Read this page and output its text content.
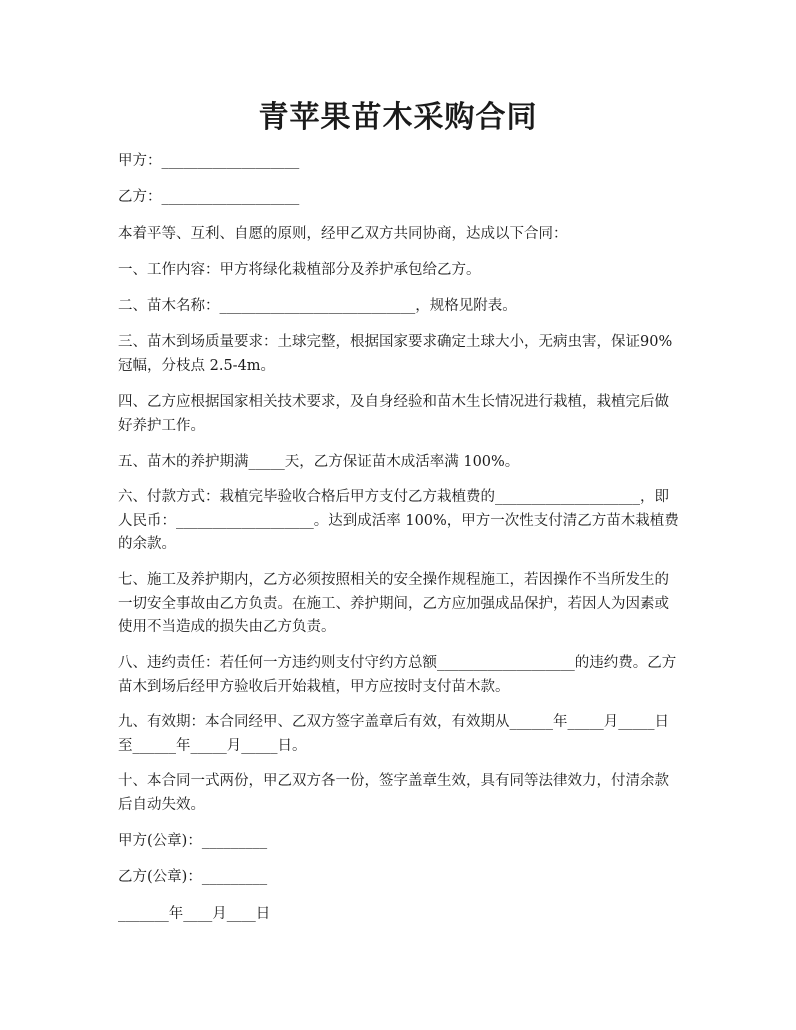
青苹果苗木采购合同

甲方：___________________

乙方：___________________

本着平等、互利、自愿的原则，经甲乙双方共同协商，达成以下合同：

一、工作内容：甲方将绿化栽植部分及养护承包给乙方。

二、苗木名称：___________________________，规格见附表。

三、苗木到场质量要求：土球完整，根据国家要求确定土球大小，无病虫害，保证90%冠幅，分枝点 2.5-4m。

四、乙方应根据国家相关技术要求，及自身经验和苗木生长情况进行栽植，栽植完后做好养护工作。

五、苗木的养护期满_____天，乙方保证苗木成活率满 100%。

六、付款方式：栽植完毕验收合格后甲方支付乙方栽植费的____________________，即人民币：___________________。达到成活率 100%，甲方一次性支付清乙方苗木栽植费的余款。

七、施工及养护期内，乙方必须按照相关的安全操作规程施工，若因操作不当所发生的一切安全事故由乙方负责。在施工、养护期间，乙方应加强成品保护，若因人为因素或使用不当造成的损失由乙方负责。

八、违约责任：若任何一方违约则支付守约方总额___________________的违约费。乙方苗木到场后经甲方验收后开始栽植，甲方应按时支付苗木款。

九、有效期：本合同经甲、乙双方签字盖章后有效，有效期从______年_____月_____日至______年_____月_____日。

十、本合同一式两份，甲乙双方各一份，签字盖章生效，具有同等法律效力，付清余款后自动失效。

甲方(公章)：_________

乙方(公章)：_________

_______年____月____日
